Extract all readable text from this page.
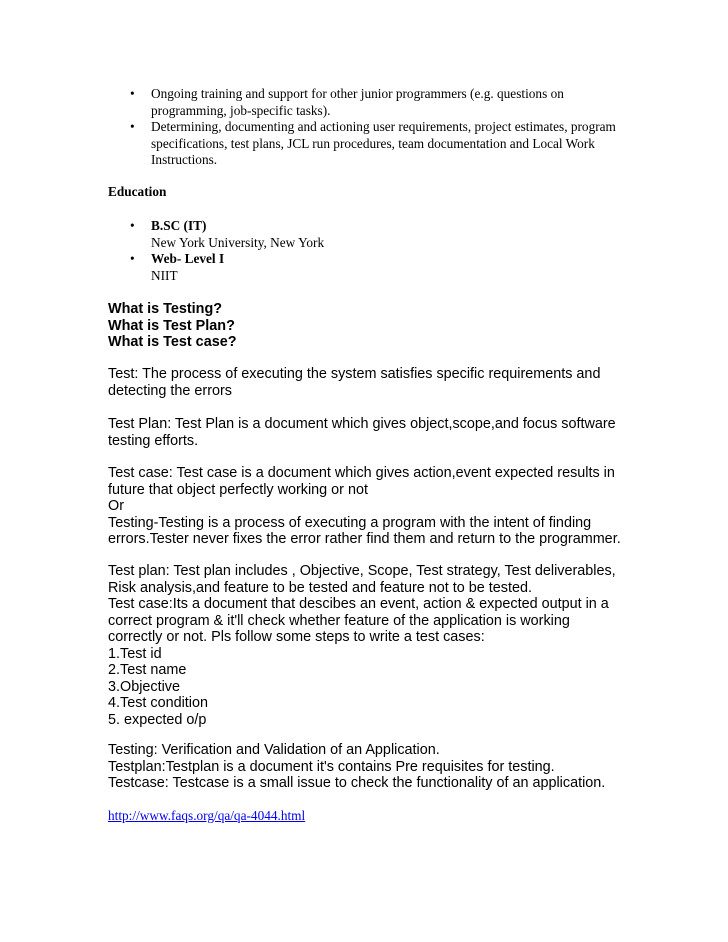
• Ongoing training and support for other junior programmers (e.g. questions on programming, job-specific tasks).
• Determining, documenting and actioning user requirements, project estimates, program specifications, test plans, JCL run procedures, team documentation and Local Work Instructions.
Education
• B.SC (IT)
New York University, New York
• Web- Level I
NIIT
What is Testing?
What is Test Plan?
What is Test case?
Test: The process of executing the system satisfies specific requirements and
detecting the errors
Test Plan: Test Plan is a document which gives object,scope,and focus software
testing efforts.
Test case: Test case is a document which gives action,event expected results in
future that object perfectly working or not
Or
Testing-Testing is a process of executing a program with the intent of finding
errors.Tester never fixes the error rather find them and return to the programmer.
Test plan: Test plan includes , Objective, Scope, Test strategy, Test deliverables,
Risk analysis,and feature to be tested and feature not to be tested.
Test case:Its a document that descibes an event, action & expected output in a
correct program & it'll check whether feature of the application is working
correctly or not. Pls follow some steps to write a test cases:
1.Test id
2.Test name
3.Objective
4.Test condition
5. expected o/p
Testing: Verification and Validation of an Application.
Testplan:Testplan is a document it's contains Pre requisites for testing.
Testcase: Testcase is a small issue to check the functionality of an application.
http://www.faqs.org/qa/qa-4044.html
